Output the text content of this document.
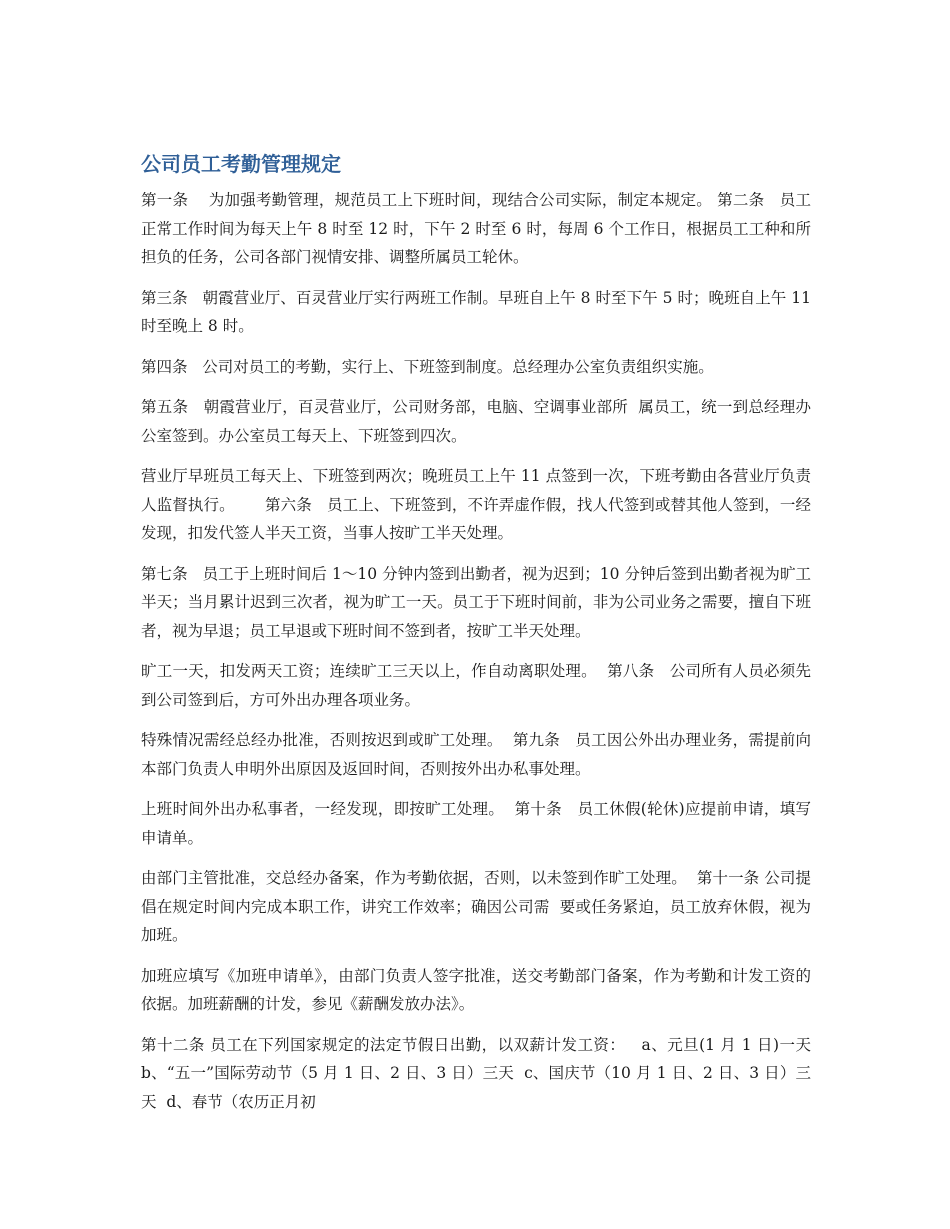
公司员工考勤管理规定

第一条    为加强考勤管理，规范员工上下班时间，现结合公司实际，制定本规定。 第二条   员工正常工作时间为每天上午 8 时至 12 时，下午 2 时至 6 时，每周 6 个工作日，根据员工工种和所担负的任务，公司各部门视情安排、调整所属员工轮休。

第三条   朝霞营业厅、百灵营业厅实行两班工作制。早班自上午 8 时至下午 5 时；晚班自上午 11 时至晚上 8 时。

第四条   公司对员工的考勤，实行上、下班签到制度。总经理办公室负责组织实施。

第五条   朝霞营业厅，百灵营业厅，公司财务部，电脑、空调事业部所  属员工，统一到总经理办公室签到。办公室员工每天上、下班签到四次。

营业厅早班员工每天上、下班签到两次；晚班员工上午 11 点签到一次，下班考勤由各营业厅负责人监督执行。      第六条   员工上、下班签到，不许弄虚作假，找人代签到或替其他人签到，一经发现，扣发代签人半天工资，当事人按旷工半天处理。

第七条   员工于上班时间后 1～10 分钟内签到出勤者，视为迟到；10 分钟后签到出勤者视为旷工半天；当月累计迟到三次者，视为旷工一天。员工于下班时间前，非为公司业务之需要，擅自下班者，视为早退；员工早退或下班时间不签到者，按旷工半天处理。

旷工一天，扣发两天工资；连续旷工三天以上，作自动离职处理。  第八条   公司所有人员必须先到公司签到后，方可外出办理各项业务。

特殊情况需经总经办批准，否则按迟到或旷工处理。  第九条   员工因公外出办理业务，需提前向本部门负责人申明外出原因及返回时间，否则按外出办私事处理。

上班时间外出办私事者，一经发现，即按旷工处理。  第十条   员工休假(轮休)应提前申请，填写申请单。

由部门主管批准，交总经办备案，作为考勤依据，否则，以未签到作旷工处理。  第十一条 公司提倡在规定时间内完成本职工作，讲究工作效率；确因公司需  要或任务紧迫，员工放弃休假，视为加班。

加班应填写《加班申请单》，由部门负责人签字批准，送交考勤部门备案，作为考勤和计发工资的依据。加班薪酬的计发，参见《薪酬发放办法》。

第十二条 员工在下列国家规定的法定节假日出勤，以双薪计发工资：   a、元旦(1 月 1 日)一天  b、“五一”国际劳动节（5 月 1 日、2 日、3 日）三天  c、国庆节（10 月 1 日、2 日、3 日）三天  d、春节（农历正月初
